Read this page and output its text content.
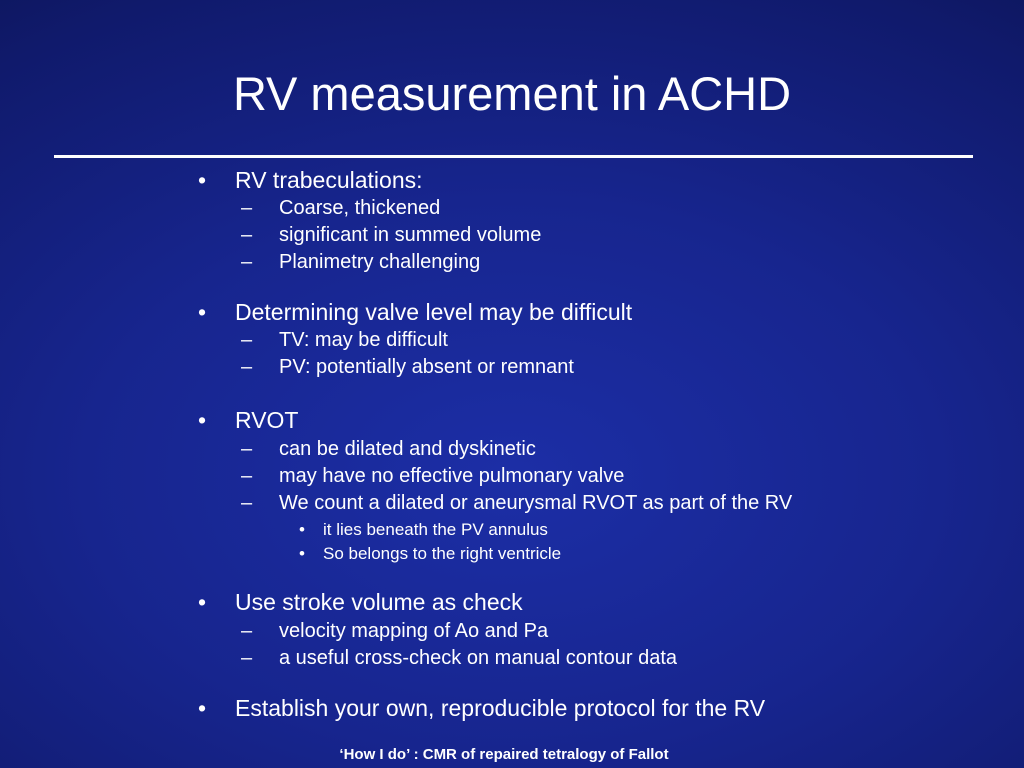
RV measurement in ACHD
• RV trabeculations:
– Coarse, thickened
– significant in summed volume
– Planimetry challenging
• Determining valve level may be difficult
– TV: may be difficult
– PV: potentially absent or remnant
• RVOT
– can be dilated and dyskinetic
– may have no effective pulmonary valve
– We count a dilated or aneurysmal RVOT as part of the RV
• it lies beneath the PV annulus
• So belongs to the right ventricle
• Use stroke volume as check
– velocity mapping of Ao and Pa
– a useful cross-check on manual contour data
• Establish your own, reproducible protocol for the RV
‘How I do’ : CMR of repaired tetralogy of Fallot
